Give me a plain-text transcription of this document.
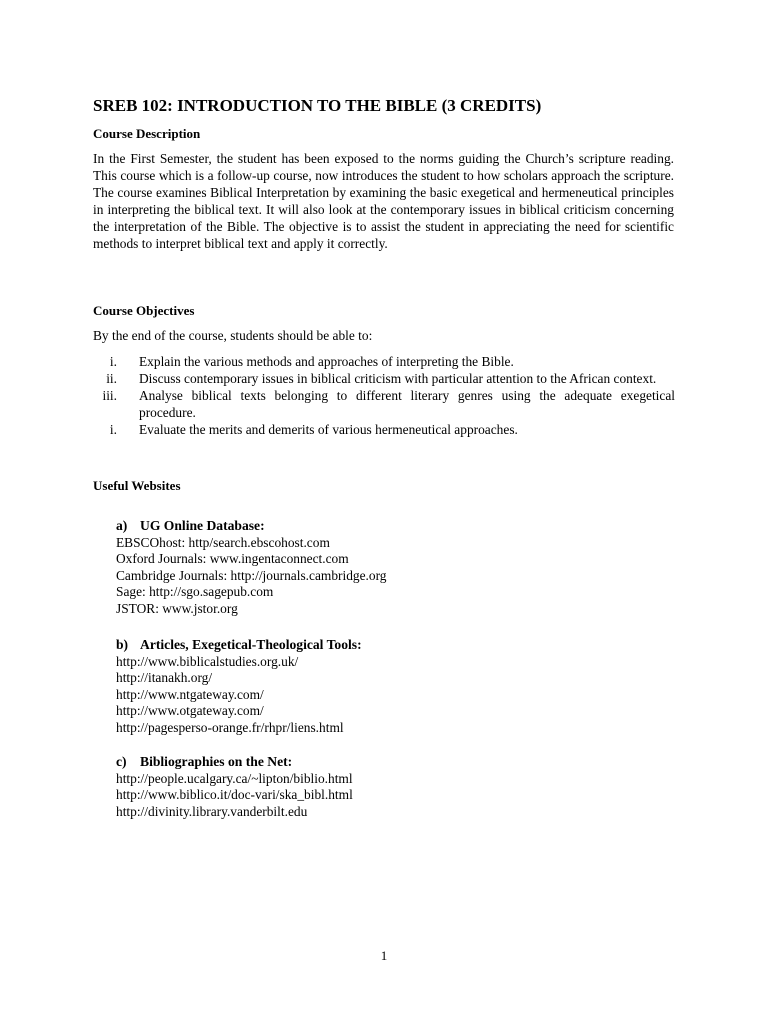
SREB 102: INTRODUCTION TO THE BIBLE (3 CREDITS)
Course Description
In the First Semester, the student has been exposed to the norms guiding the Church’s scripture reading. This course which is a follow-up course, now introduces the student to how scholars approach the scripture. The course examines Biblical Interpretation by examining the basic exegetical and hermeneutical principles in interpreting the biblical text. It will also look at the contemporary issues in biblical criticism concerning the interpretation of the Bible. The objective is to assist the student in appreciating the need for scientific methods to interpret biblical text and apply it correctly.
Course Objectives
By the end of the course, students should be able to:
i. Explain the various methods and approaches of interpreting the Bible.
ii. Discuss contemporary issues in biblical criticism with particular attention to the African context.
iii. Analyse biblical texts belonging to different literary genres using the adequate exegetical procedure.
i. Evaluate the merits and demerits of various hermeneutical approaches.
Useful Websites
a) UG Online Database:
EBSCOhost: http/search.ebscohost.com
Oxford Journals: www.ingentaconnect.com
Cambridge Journals: http://journals.cambridge.org
Sage: http://sgo.sagepub.com
JSTOR: www.jstor.org
b) Articles, Exegetical-Theological Tools:
http://www.biblicalstudies.org.uk/
http://itanakh.org/
http://www.ntgateway.com/
http://www.otgateway.com/
http://pagesperso-orange.fr/rhpr/liens.html
c) Bibliographies on the Net:
http://people.ucalgary.ca/~lipton/biblio.html
http://www.biblico.it/doc-vari/ska_bibl.html
http://divinity.library.vanderbilt.edu
1
